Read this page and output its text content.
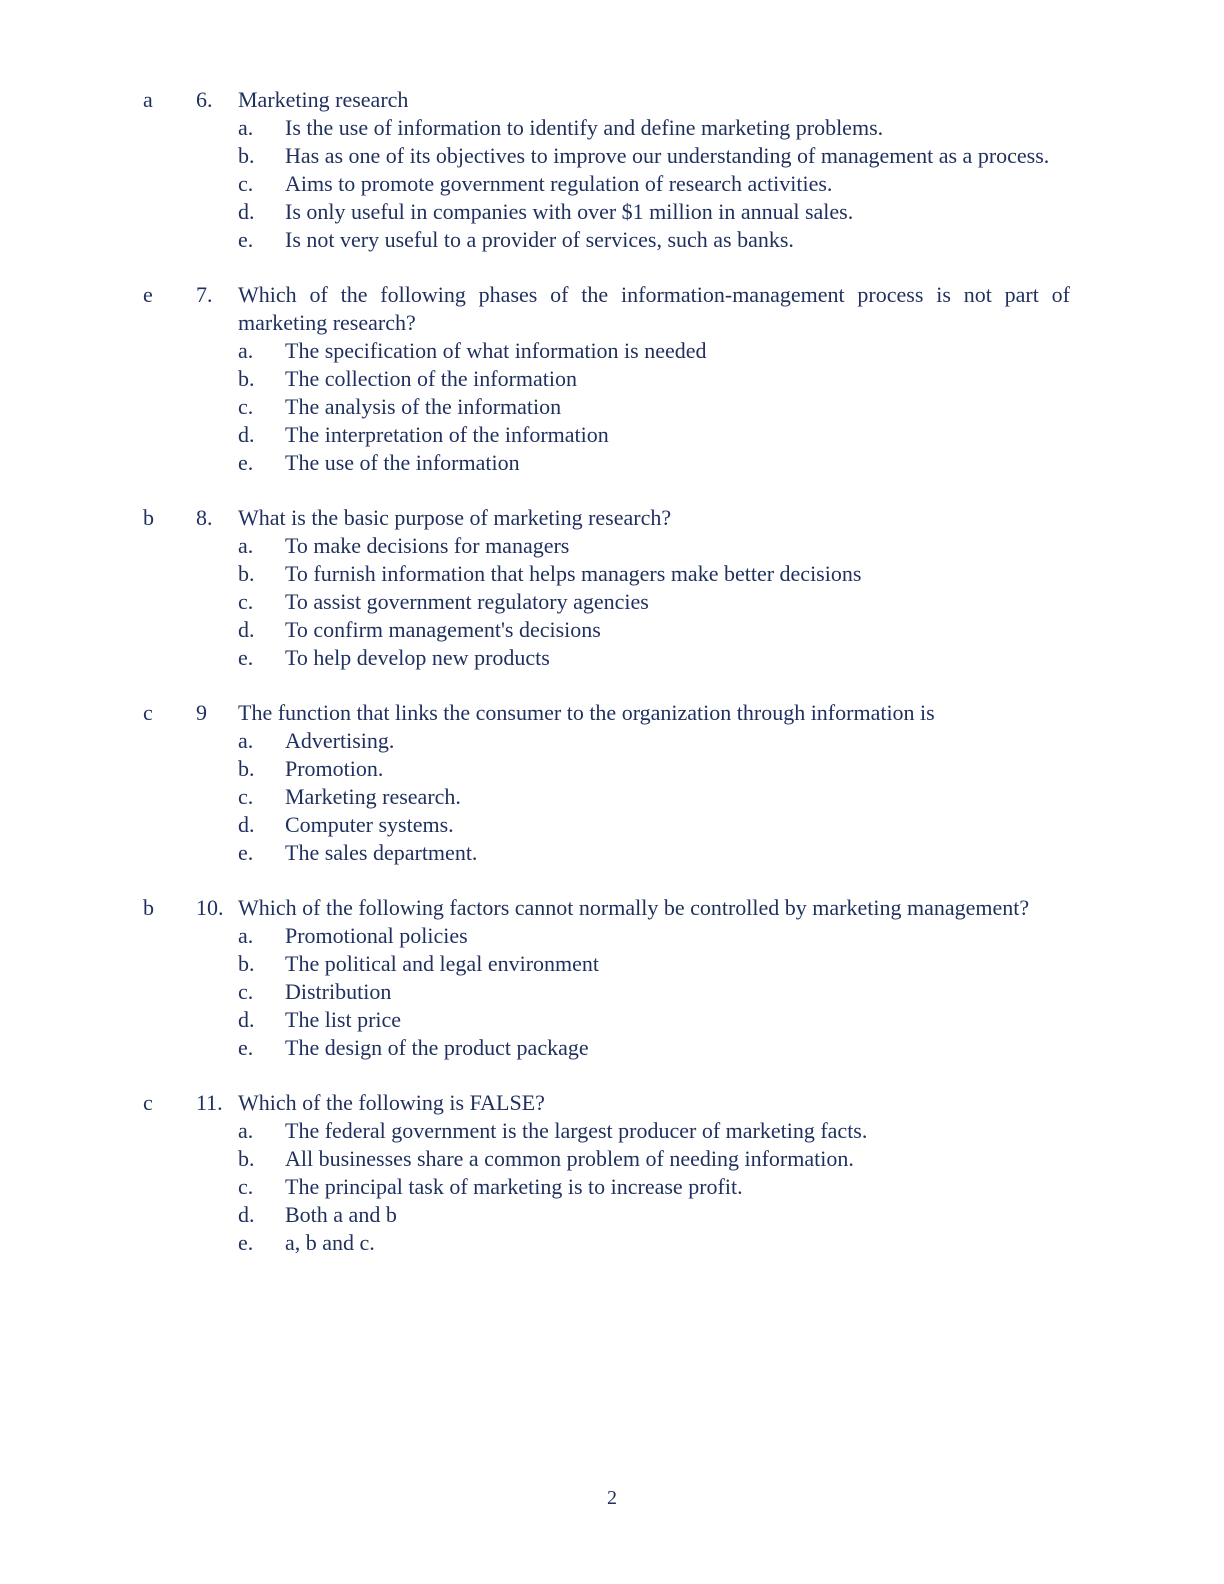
a 6. Marketing research
a. Is the use of information to identify and define marketing problems.
b. Has as one of its objectives to improve our understanding of management as a process.
c. Aims to promote government regulation of research activities.
d. Is only useful in companies with over $1 million in annual sales.
e. Is not very useful to a provider of services, such as banks.
e 7. Which of the following phases of the information-management process is not part of marketing research?
a. The specification of what information is needed
b. The collection of the information
c. The analysis of the information
d. The interpretation of the information
e. The use of the information
b 8. What is the basic purpose of marketing research?
a. To make decisions for managers
b. To furnish information that helps managers make better decisions
c. To assist government regulatory agencies
d. To confirm management's decisions
e. To help develop new products
c 9 The function that links the consumer to the organization through information is
a. Advertising.
b. Promotion.
c. Marketing research.
d. Computer systems.
e. The sales department.
b 10. Which of the following factors cannot normally be controlled by marketing management?
a. Promotional policies
b. The political and legal environment
c. Distribution
d. The list price
e. The design of the product package
c 11. Which of the following is FALSE?
a. The federal government is the largest producer of marketing facts.
b. All businesses share a common problem of needing information.
c. The principal task of marketing is to increase profit.
d. Both a and b
e. a, b and c.
2
